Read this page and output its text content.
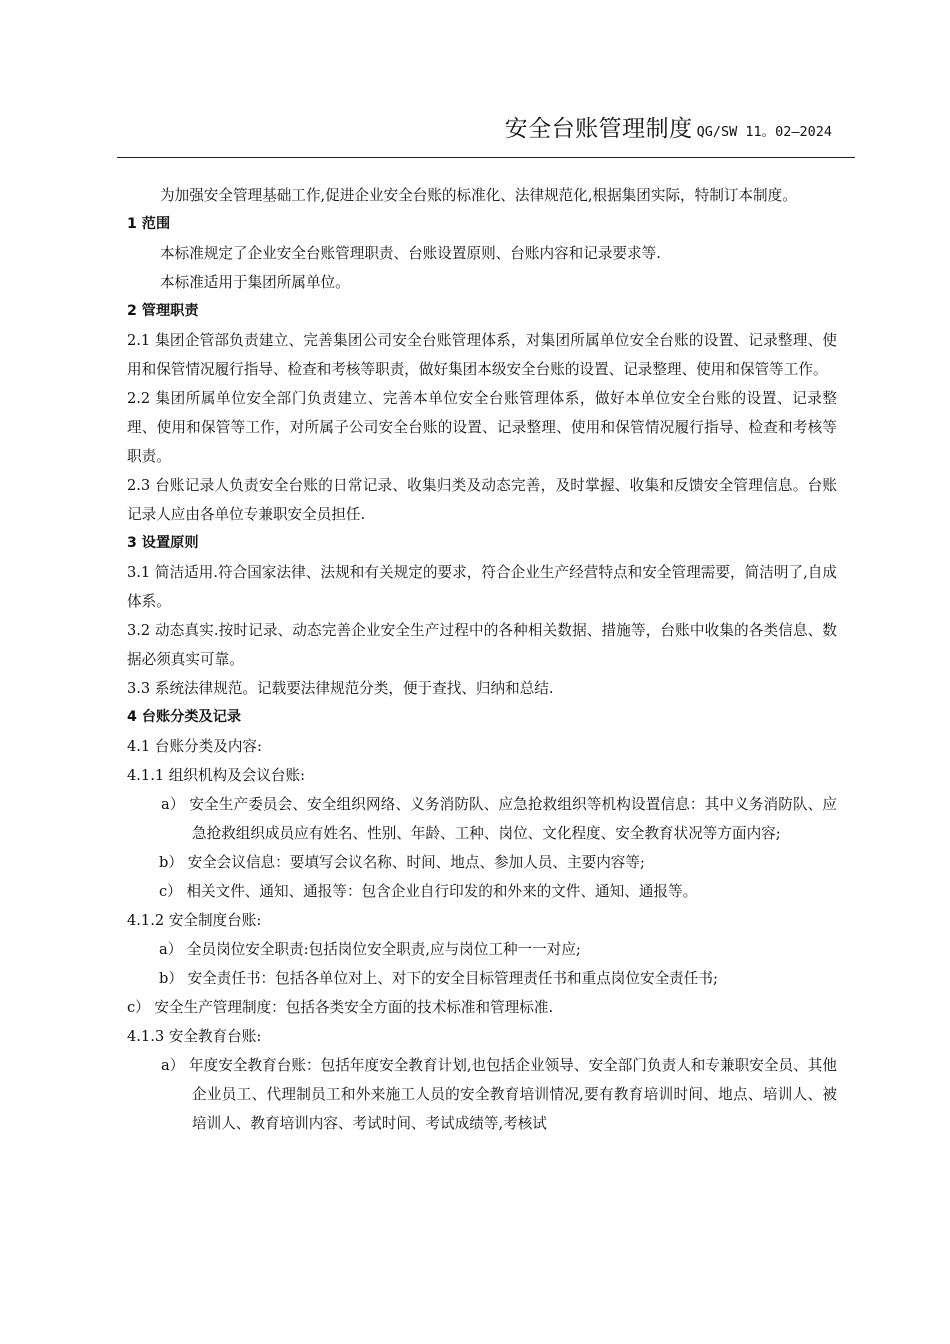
安全台账管理制度 QG/SW 11。02—2024

为加强安全管理基础工作,促进企业安全台账的标准化、法律规范化,根据集团实际，特制订本制度。

1 范围

本标准规定了企业安全台账管理职责、台账设置原则、台账内容和记录要求等.

本标准适用于集团所属单位。

2 管理职责

2.1 集团企管部负责建立、完善集团公司安全台账管理体系，对集团所属单位安全台账的设置、记录整理、使用和保管情况履行指导、检查和考核等职责，做好集团本级安全台账的设置、记录整理、使用和保管等工作。

2.2 集团所属单位安全部门负责建立、完善本单位安全台账管理体系，做好本单位安全台账的设置、记录整理、使用和保管等工作，对所属子公司安全台账的设置、记录整理、使用和保管情况履行指导、检查和考核等职责。

2.3 台账记录人负责安全台账的日常记录、收集归类及动态完善，及时掌握、收集和反馈安全管理信息。台账记录人应由各单位专兼职安全员担任.

3 设置原则

3.1 简洁适用.符合国家法律、法规和有关规定的要求，符合企业生产经营特点和安全管理需要，简洁明了,自成体系。

3.2 动态真实.按时记录、动态完善企业安全生产过程中的各种相关数据、措施等，台账中收集的各类信息、数据必须真实可靠。

3.3 系统法律规范。记载要法律规范分类，便于查找、归纳和总结.

4 台账分类及记录

4.1 台账分类及内容:

4.1.1 组织机构及会议台账:

a） 安全生产委员会、安全组织网络、义务消防队、应急抢救组织等机构设置信息：其中义务消防队、应急抢救组织成员应有姓名、性别、年龄、工种、岗位、文化程度、安全教育状况等方面内容;

b） 安全会议信息：要填写会议名称、时间、地点、参加人员、主要内容等;

c） 相关文件、通知、通报等：包含企业自行印发的和外来的文件、通知、通报等。

4.1.2 安全制度台账:

a） 全员岗位安全职责:包括岗位安全职责,应与岗位工种一一对应;

b） 安全责任书：包括各单位对上、对下的安全目标管理责任书和重点岗位安全责任书;

c） 安全生产管理制度：包括各类安全方面的技术标准和管理标准.

4.1.3 安全教育台账:

a） 年度安全教育台账：包括年度安全教育计划,也包括企业领导、安全部门负责人和专兼职安全员、其他企业员工、代理制员工和外来施工人员的安全教育培训情况,要有教育培训时间、地点、培训人、被培训人、教育培训内容、考试时间、考试成绩等,考核试
